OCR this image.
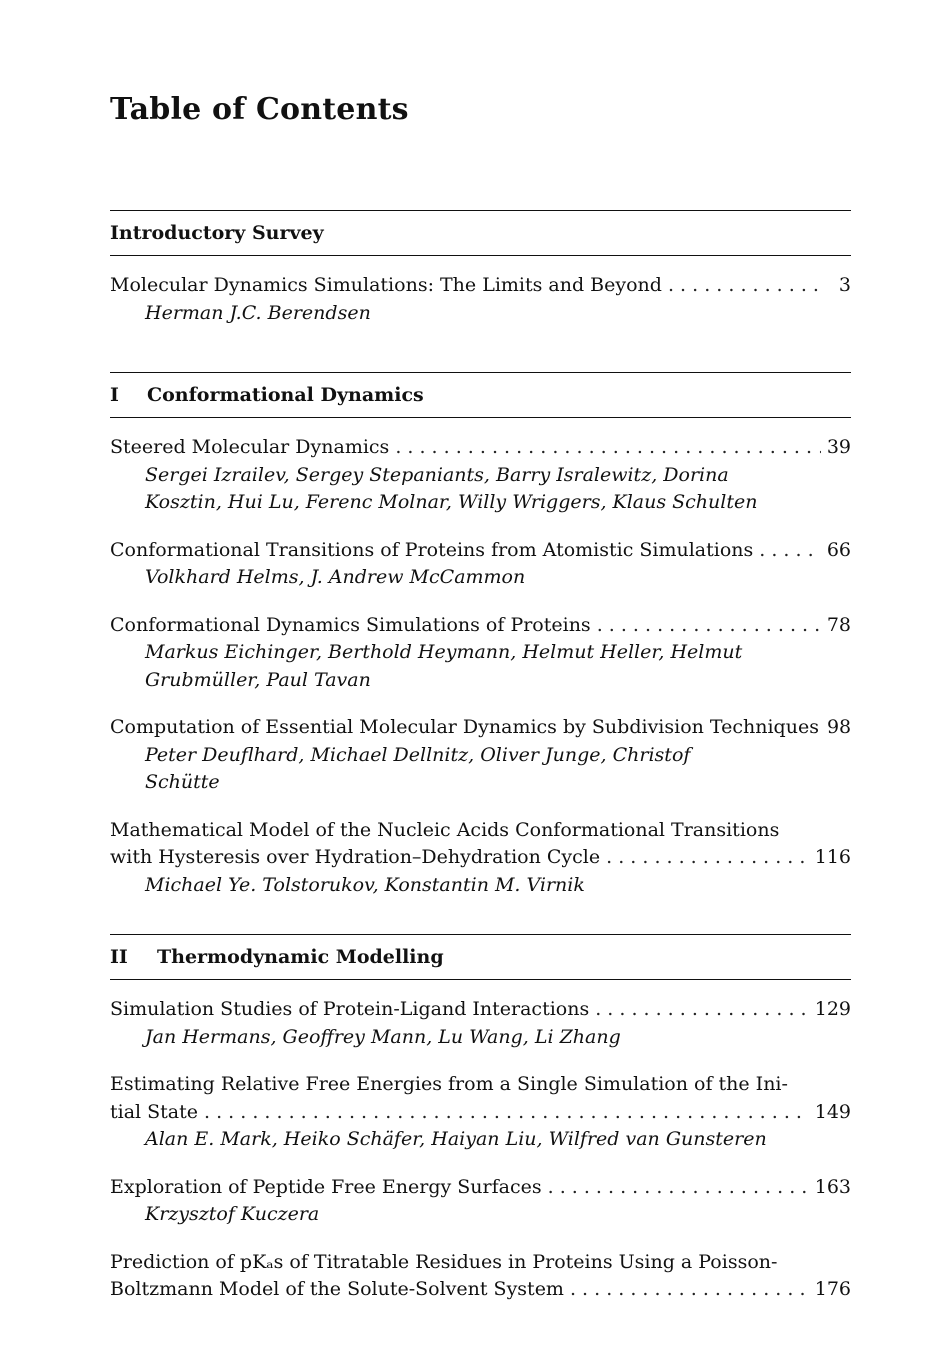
Table of Contents
Introductory Survey
Molecular Dynamics Simulations: The Limits and Beyond . . .	3
Herman J.C. Berendsen
I	Conformational Dynamics
Steered Molecular Dynamics . . .	39
Sergei Izrailev, Sergey Stepaniants, Barry Isralewitz, Dorina Kosztin, Hui Lu, Ferenc Molnar, Willy Wriggers, Klaus Schulten
Conformational Transitions of Proteins from Atomistic Simulations . . .	66
Volkhard Helms, J. Andrew McCammon
Conformational Dynamics Simulations of Proteins . . .	78
Markus Eichinger, Berthold Heymann, Helmut Heller, Helmut Grubmüller, Paul Tavan
Computation of Essential Molecular Dynamics by Subdivision Techniques 98
Peter Deuflhard, Michael Dellnitz, Oliver Junge, Christof Schütte
Mathematical Model of the Nucleic Acids Conformational Transitions
with Hysteresis over Hydration–Dehydration Cycle . . .	116
Michael Ye. Tolstorukov, Konstantin M. Virnik
II	Thermodynamic Modelling
Simulation Studies of Protein-Ligand Interactions . . .	129
Jan Hermans, Geoffrey Mann, Lu Wang, Li Zhang
Estimating Relative Free Energies from a Single Simulation of the Ini-
tial State . . .	149
Alan E. Mark, Heiko Schäfer, Haiyan Liu, Wilfred van Gunsteren
Exploration of Peptide Free Energy Surfaces . . .	163
Krzysztof Kuczera
Prediction of pKₐs of Titratable Residues in Proteins Using a Poisson-
Boltzmann Model of the Solute-Solvent System . . .	176
